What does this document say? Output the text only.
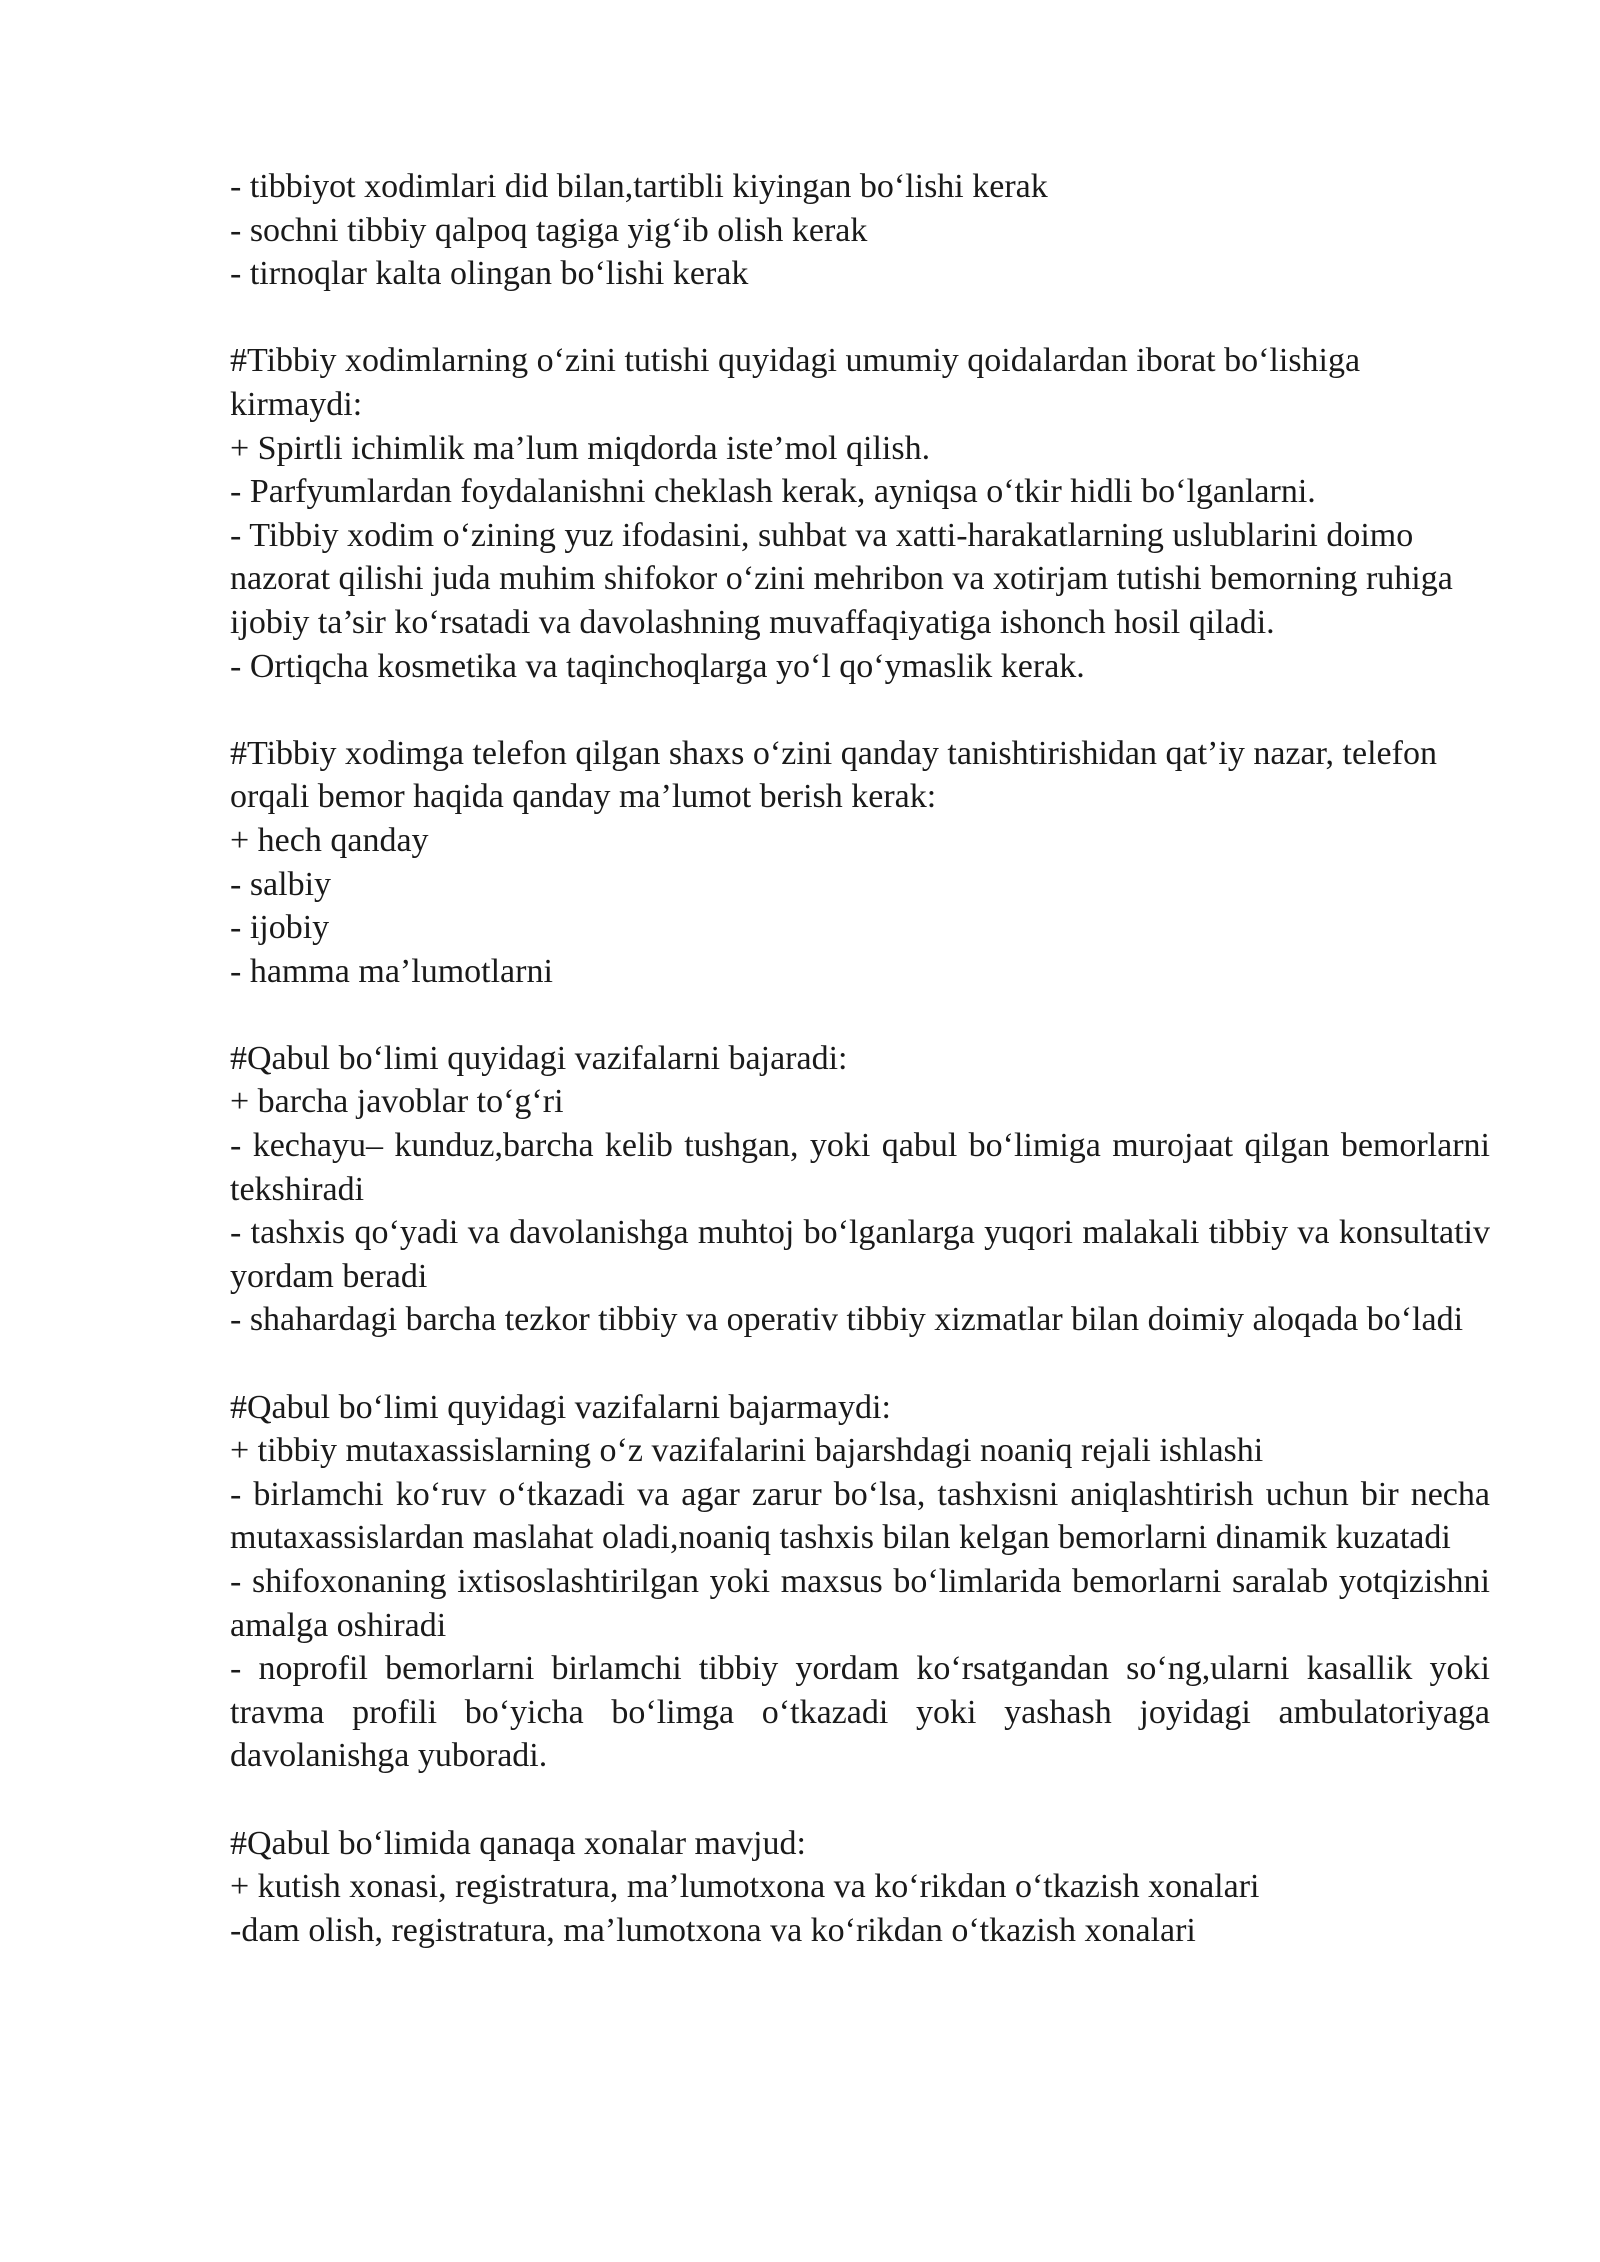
- tibbiyot xodimlari did bilan,tartibli kiyingan bo‘lishi kerak

- sochni tibbiy qalpoq tagiga yig‘ib olish kerak

- tirnoqlar kalta olingan bo‘lishi kerak

#Tibbiy xodimlarning o‘zini tutishi quyidagi umumiy qoidalardan iborat bo‘lishiga kirmaydi:

+ Spirtli ichimlik ma’lum miqdorda iste’mol qilish.

- Parfyumlardan foydalanishni cheklash kerak, ayniqsa o‘tkir hidli bo‘lganlarni.

- Tibbiy xodim o‘zining yuz ifodasini, suhbat va xatti-harakatlarning uslublarini doimo nazorat qilishi juda muhim shifokor o‘zini mehribon va xotirjam tutishi bemorning ruhiga ijobiy ta’sir ko‘rsatadi va davolashning muvaffaqiyatiga ishonch hosil qiladi.

- Ortiqcha kosmetika va taqinchoqlarga yo‘l qo‘ymaslik kerak.

#Tibbiy xodimga telefon qilgan shaxs o‘zini qanday tanishtirishidan qat’iy nazar, telefon orqali bemor haqida qanday ma’lumot berish kerak:

+ hech qanday

- salbiy

- ijobiy

- hamma ma’lumotlarni

#Qabul bo‘limi quyidagi vazifalarni bajaradi:

+ barcha javoblar to‘g‘ri

- kechayu– kunduz,barcha kelib tushgan, yoki qabul bo‘limiga murojaat qilgan bemorlarni tekshiradi

- tashxis qo‘yadi va davolanishga muhtoj bo‘lganlarga yuqori malakali tibbiy va konsultativ yordam beradi

- shahardagi barcha tezkor tibbiy va operativ tibbiy xizmatlar bilan doimiy aloqada bo‘ladi

#Qabul bo‘limi quyidagi vazifalarni bajarmaydi:

+ tibbiy mutaxassislarning o‘z vazifalarini bajarshdagi noaniq rejali ishlashi

- birlamchi ko‘ruv o‘tkazadi va agar zarur bo‘lsa, tashxisni aniqlashtirish uchun bir necha mutaxassislardan maslahat oladi,noaniq tashxis bilan kelgan bemorlarni dinamik kuzatadi

- shifoxonaning ixtisoslashtirilgan yoki maxsus bo‘limlarida bemorlarni saralab yotqizishni amalga oshiradi

- noprofil bemorlarni birlamchi tibbiy yordam ko‘rsatgandan so‘ng,ularni kasallik yoki travma profili bo‘yicha bo‘limga o‘tkazadi yoki yashash joyidagi ambulatoriyaga davolanishga yuboradi.

#Qabul bo‘limida qanaqa xonalar mavjud:

+ kutish xonasi, registratura, ma’lumotxona va ko‘rikdan o‘tkazish xonalari

-dam olish, registratura, ma’lumotxona va ko‘rikdan o‘tkazish xonalari
